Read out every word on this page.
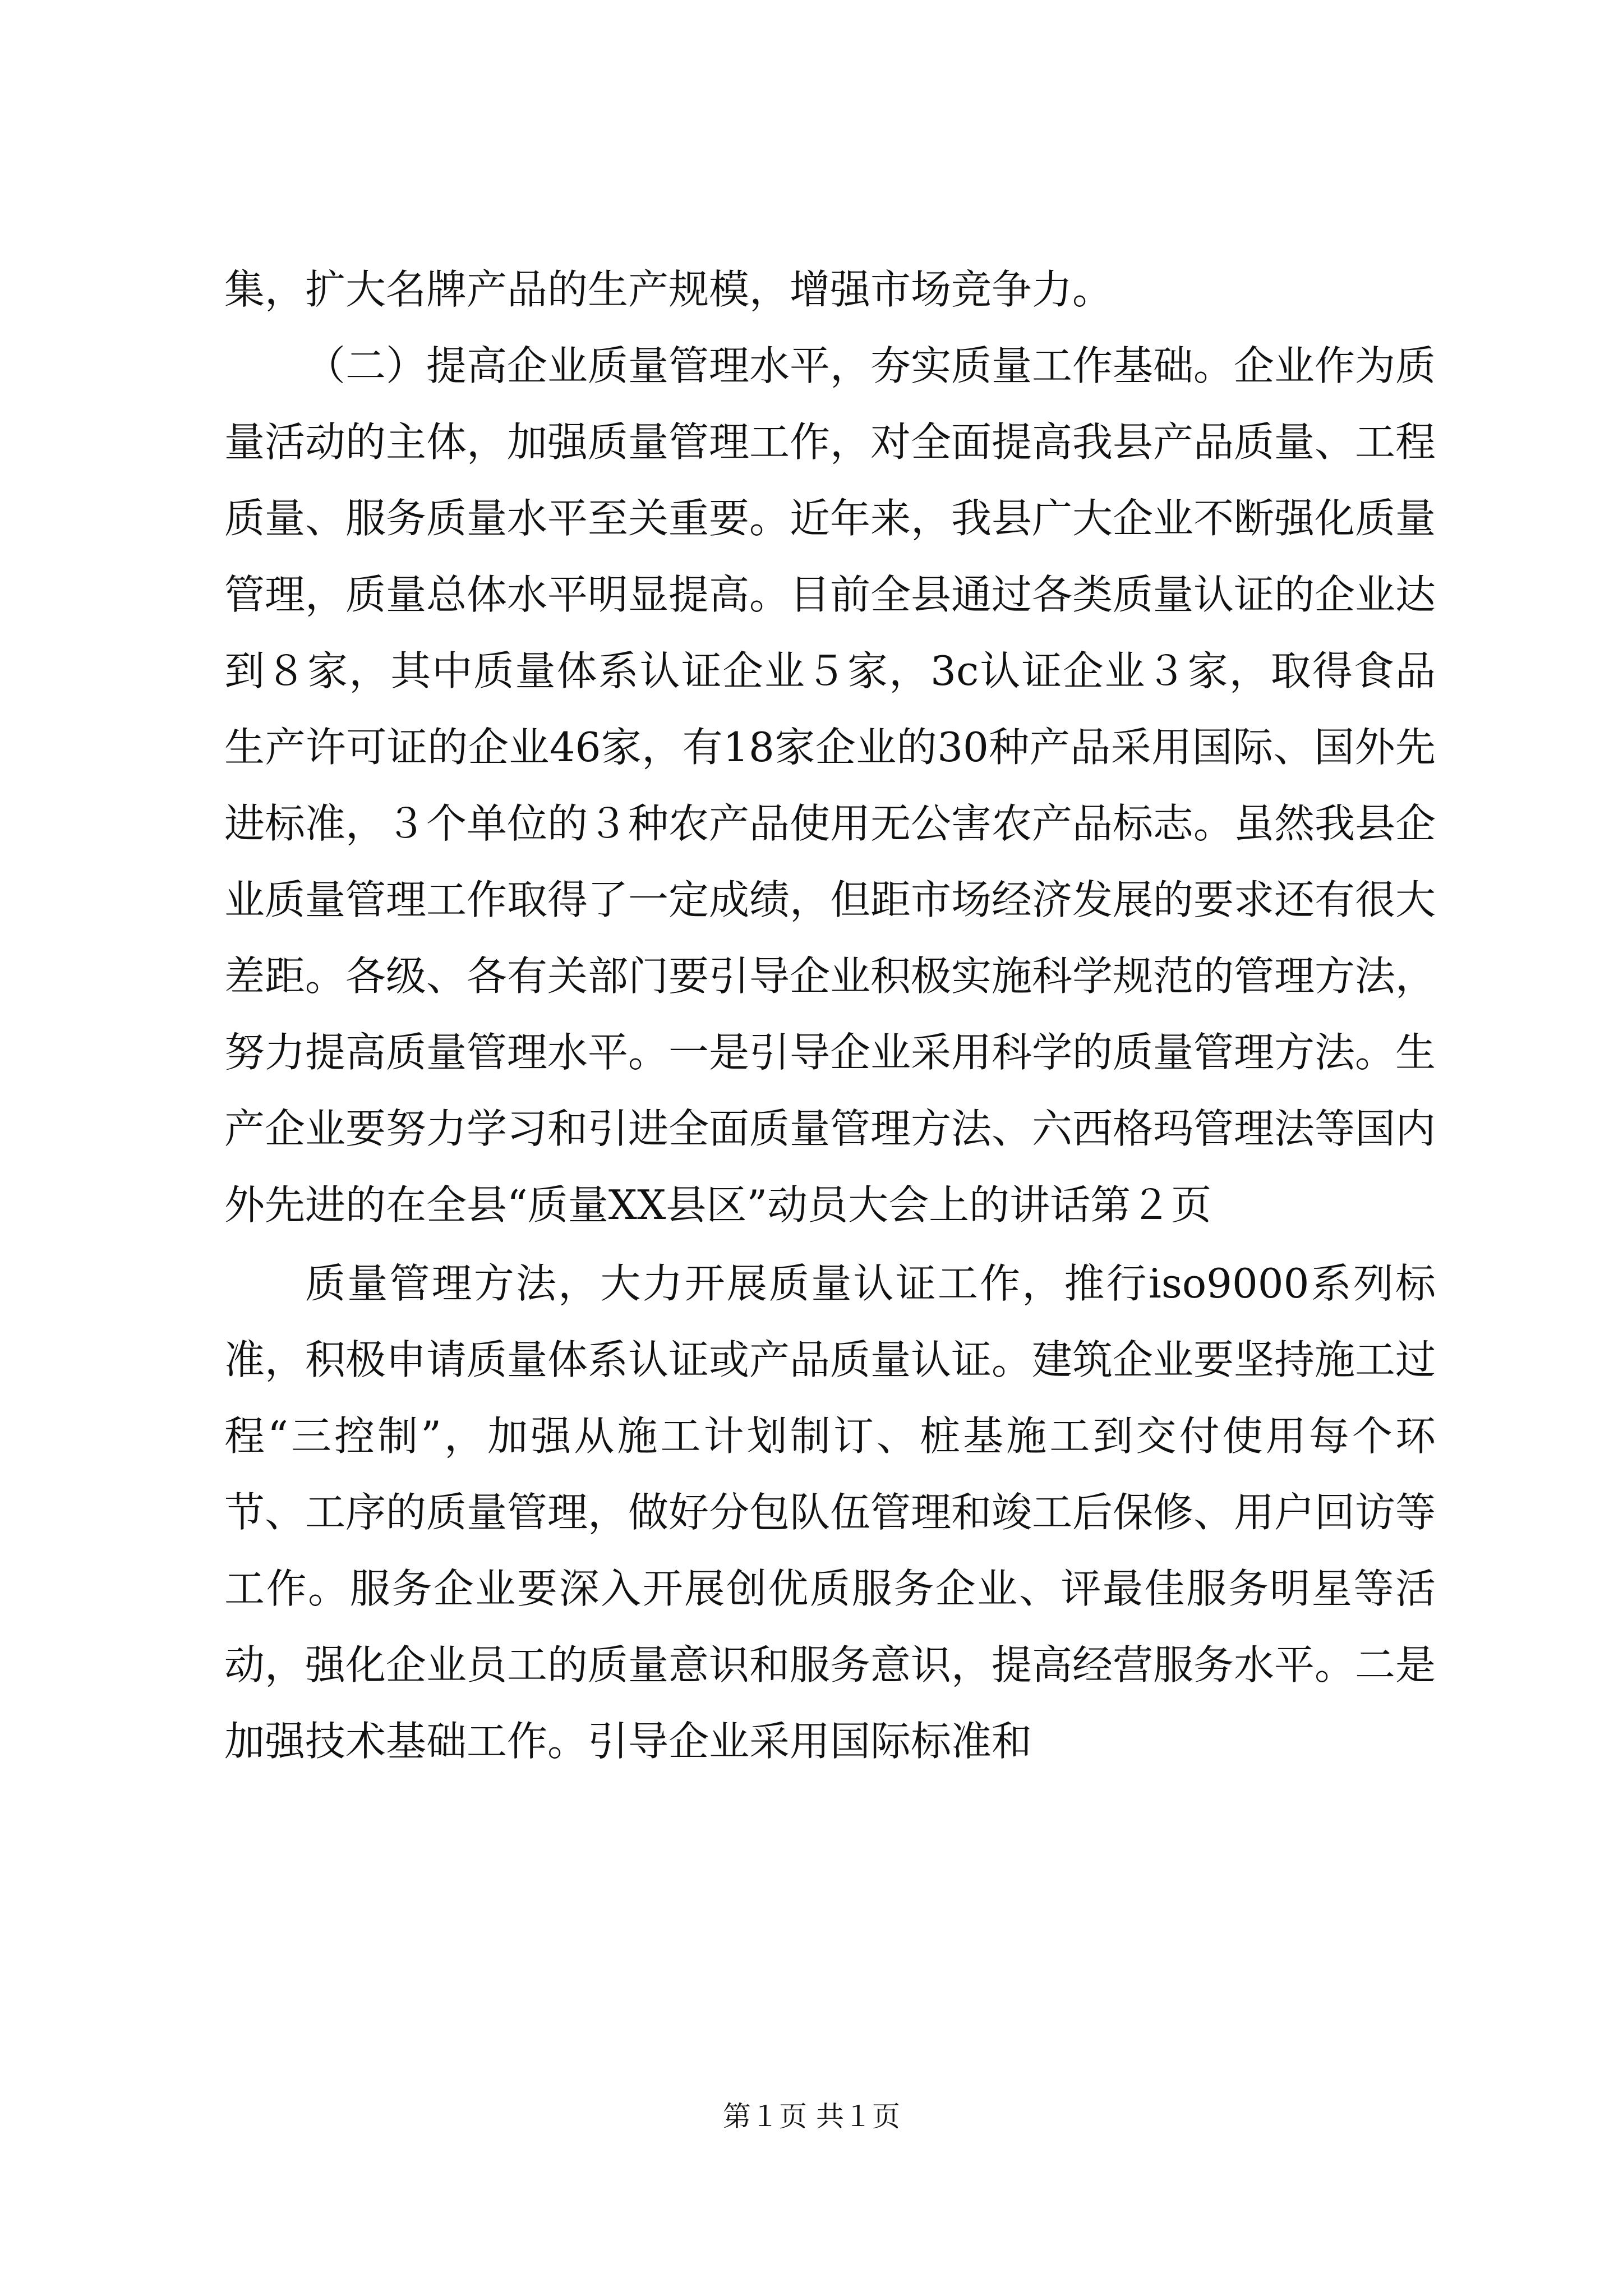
集，扩大名牌产品的生产规模，增强市场竞争力。

（二）提高企业质量管理水平，夯实质量工作基础。企业作为质量活动的主体，加强质量管理工作，对全面提高我县产品质量、工程质量、服务质量水平至关重要。近年来，我县广大企业不断强化质量管理，质量总体水平明显提高。目前全县通过各类质量认证的企业达到８家，其中质量体系认证企业５家，3c认证企业３家，取得食品生产许可证的企业46家，有18家企业的30种产品采用国际、国外先进标准，３个单位的３种农产品使用无公害农产品标志。虽然我县企业质量管理工作取得了一定成绩，但距市场经济发展的要求还有很大差距。各级、各有关部门要引导企业积极实施科学规范的管理方法，努力提高质量管理水平。一是引导企业采用科学的质量管理方法。生产企业要努力学习和引进全面质量管理方法、六西格玛管理法等国内外先进的在全县“质量XX县区”动员大会上的讲话第２页

质量管理方法，大力开展质量认证工作，推行iso9000系列标准，积极申请质量体系认证或产品质量认证。建筑企业要坚持施工过程“三控制”，加强从施工计划制订、桩基施工到交付使用每个环节、工序的质量管理，做好分包队伍管理和竣工后保修、用户回访等工作。服务企业要深入开展创优质服务企业、评最佳服务明星等活动，强化企业员工的质量意识和服务意识，提高经营服务水平。二是加强技术基础工作。引导企业采用国际标准和

第１页 共１页
